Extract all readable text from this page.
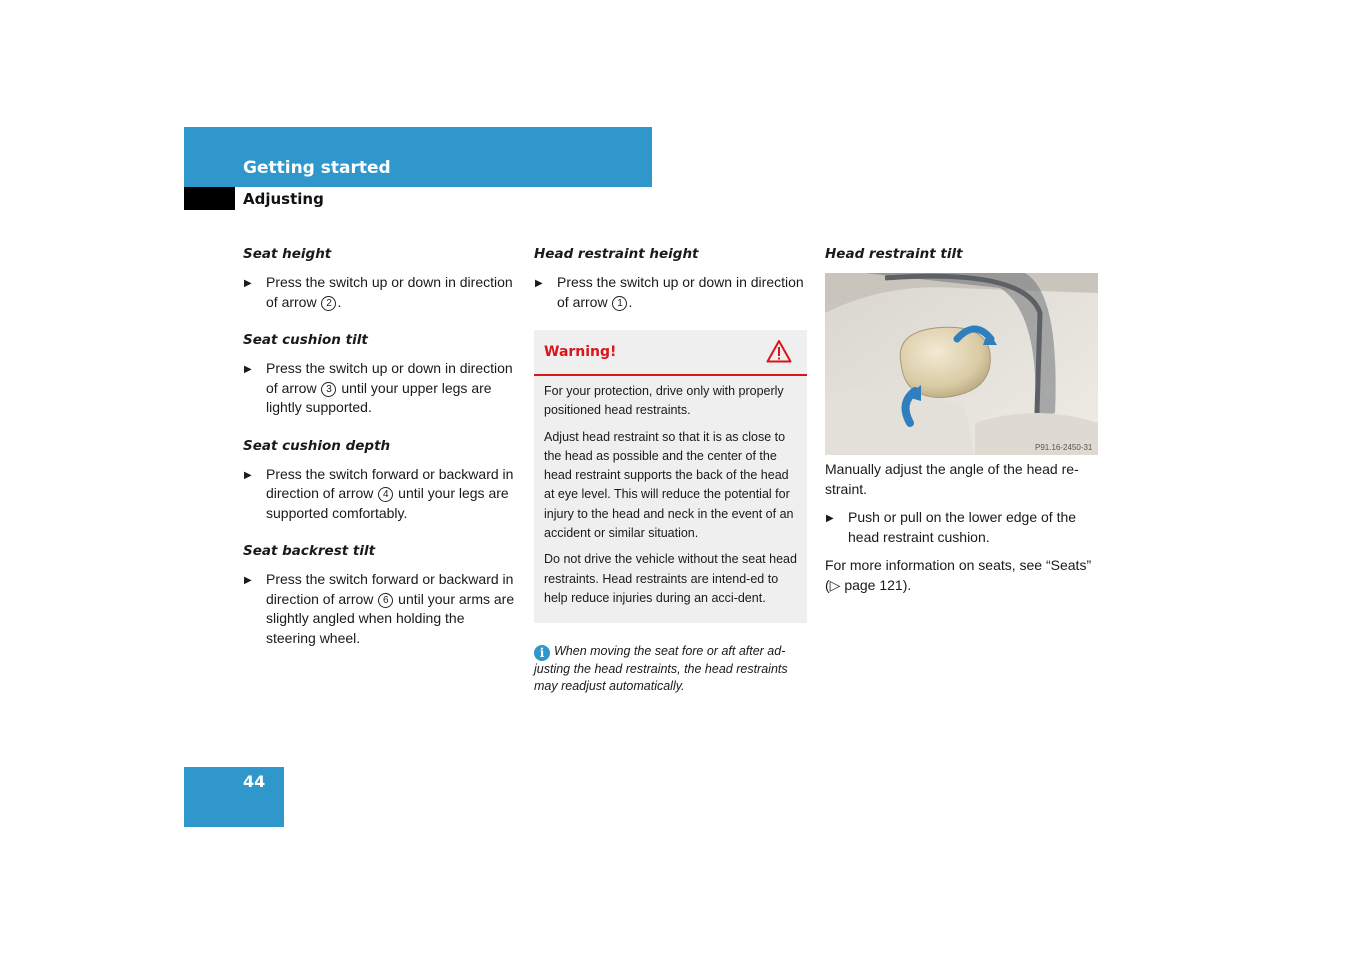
Getting started
Adjusting
Seat height
▶ Press the switch up or down in direction of arrow 2 .
Seat cushion tilt
▶ Press the switch up or down in direction of arrow 3 until your upper legs are lightly supported.
Seat cushion depth
▶ Press the switch forward or backward in direction of arrow 4 until your legs are supported comfortably.
Seat backrest tilt
▶ Press the switch forward or backward in direction of arrow 6 until your arms are slightly angled when holding the steering wheel.
Head restraint height
▶ Press the switch up or down in direction of arrow 1 .
Warning!

For your protection, drive only with properly positioned head restraints.

Adjust head restraint so that it is as close to the head as possible and the center of the head restraint supports the back of the head at eye level. This will reduce the potential for injury to the head and neck in the event of an accident or similar situation.

Do not drive the vehicle without the seat head restraints. Head restraints are intend-ed to help reduce injuries during an acci-dent.

i When moving the seat fore or aft after ad-justing the head restraints, the head restraints may readjust automatically.
Head restraint tilt
P91.16-2450-31
Manually adjust the angle of the head re-straint.
▶ Push or pull on the lower edge of the head restraint cushion.
For more information on seats, see “Seats” (▷ page 121).
44
